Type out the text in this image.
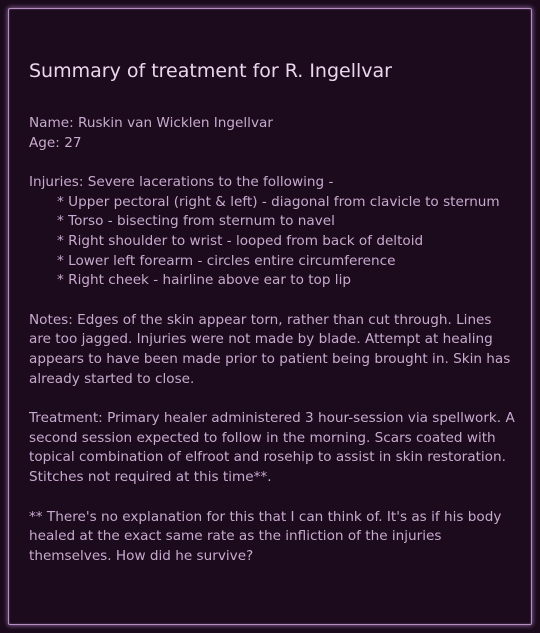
Summary of treatment for R. Ingellvar
Name: Ruskin van Wicklen Ingellvar
Age: 27
Injuries: Severe lacerations to the following -
* Upper pectoral (right & left) - diagonal from clavicle to sternum
* Torso - bisecting from sternum to navel
* Right shoulder to wrist - looped from back of deltoid
* Lower left forearm - circles entire circumference
* Right cheek - hairline above ear to top lip
Notes: Edges of the skin appear torn, rather than cut through. Lines are too jagged. Injuries were not made by blade. Attempt at healing appears to have been made prior to patient being brought in. Skin has already started to close.
Treatment: Primary healer administered 3 hour-session via spellwork. A second session expected to follow in the morning. Scars coated with topical combination of elfroot and rosehip to assist in skin restoration. Stitches not required at this time**.
** There's no explanation for this that I can think of. It's as if his body healed at the exact same rate as the infliction of the injuries themselves. How did he survive?
